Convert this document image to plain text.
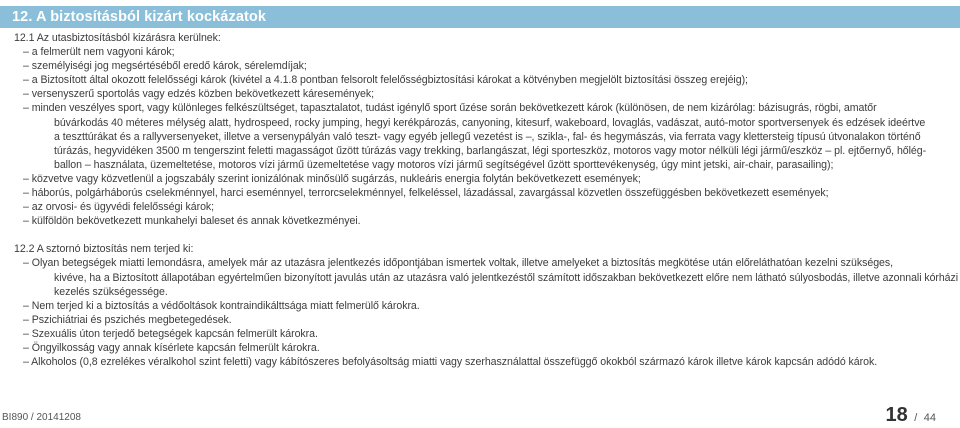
12. A biztosításból kizárt kockázatok
12.1 Az utasbiztosításból kizárásra kerülnek:
– a felmerült nem vagyoni károk;
– személyiségi jog megsértéséből eredő károk, sérelemdíjak;
– a Biztosított által okozott felelősségi károk (kivétel a 4.1.8 pontban felsorolt felelősségbiztosítási károkat a kötvényben megjelölt biztosítási összeg erejéig);
– versenyszerű sportolás vagy edzés közben bekövetkezett káresemények;
– minden veszélyes sport, vagy különleges felkészültséget, tapasztalatot, tudást igénylő sport űzése során bekövetkezett károk (különösen, de nem kizárólag: bázisugrás, rögbi, amatőr
búvárkodás 40 méteres mélység alatt, hydrospeed, rocky jumping, hegyi kerékpározás, canyoning, kitesurf, wakeboard, lovaglás, vadászat, autó-motor sportversenyek és edzések ideértve
a teszttúrákat és a rallyversenyeket, illetve a versenypályán való teszt- vagy egyéb jellegű vezetést is –, szikla-, fal- és hegymászás, via ferrata vagy klettersteig típusú útvonalakon történő
túrázás, hegyvidéken 3500 m tengerszint feletti magasságot űzött túrázás vagy trekking, barlangászat, légi sporteszköz, motoros vagy motor nélküli légi jármű/eszköz – pl. ejtőernyő, hőlég-
ballon – használata, üzemeltetése, motoros vízi jármű üzemeltetése vagy motoros vízi jármű segítségével űzött sporttevékenység, úgy mint jetski, air-chair, parasailing);
– közvetve vagy közvetlenül a jogszabály szerint ionizálónak minősülő sugárzás, nukleáris energia folytán bekövetkezett események;
– háborús, polgárháborús cselekménnyel, harci eseménnyel, terrorcselekménnyel, felkeléssel, lázadással, zavargással közvetlen összefüggésben bekövetkezett események;
– az orvosi- és ügyvédi felelősségi károk;
– külföldön bekövetkezett munkahelyi baleset és annak következményei.
12.2 A sztornó biztosítás nem terjed ki:
– Olyan betegségek miatti lemondásra, amelyek már az utazásra jelentkezés időpontjában ismertek voltak, illetve amelyeket a biztosítás megkötése után előreláthatóan kezelni szükséges,
kivéve, ha a Biztosított állapotában egyértelműen bizonyított javulás után az utazásra való jelentkezéstől számított időszakban bekövetkezett előre nem látható súlyosbodás, illetve azonnali kórházi
kezelés szükségessége.
– Nem terjed ki a biztosítás a védőoltások kontraindikálttsága miatt felmerülő károkra.
– Pszichiátriai és pszichés megbetegedések.
– Szexuális úton terjedő betegségek kapcsán felmerült károkra.
– Öngyilkosság vagy annak kísérlete kapcsán felmerült károkra.
– Alkoholos (0,8 ezrelékes véralkohol szint feletti) vagy kábítószeres befolyásoltság miatti vagy szerhasználattal összefüggő okokból származó károk illetve károk kapcsán adódó károk.
BI890 / 20141208	18 / 44
